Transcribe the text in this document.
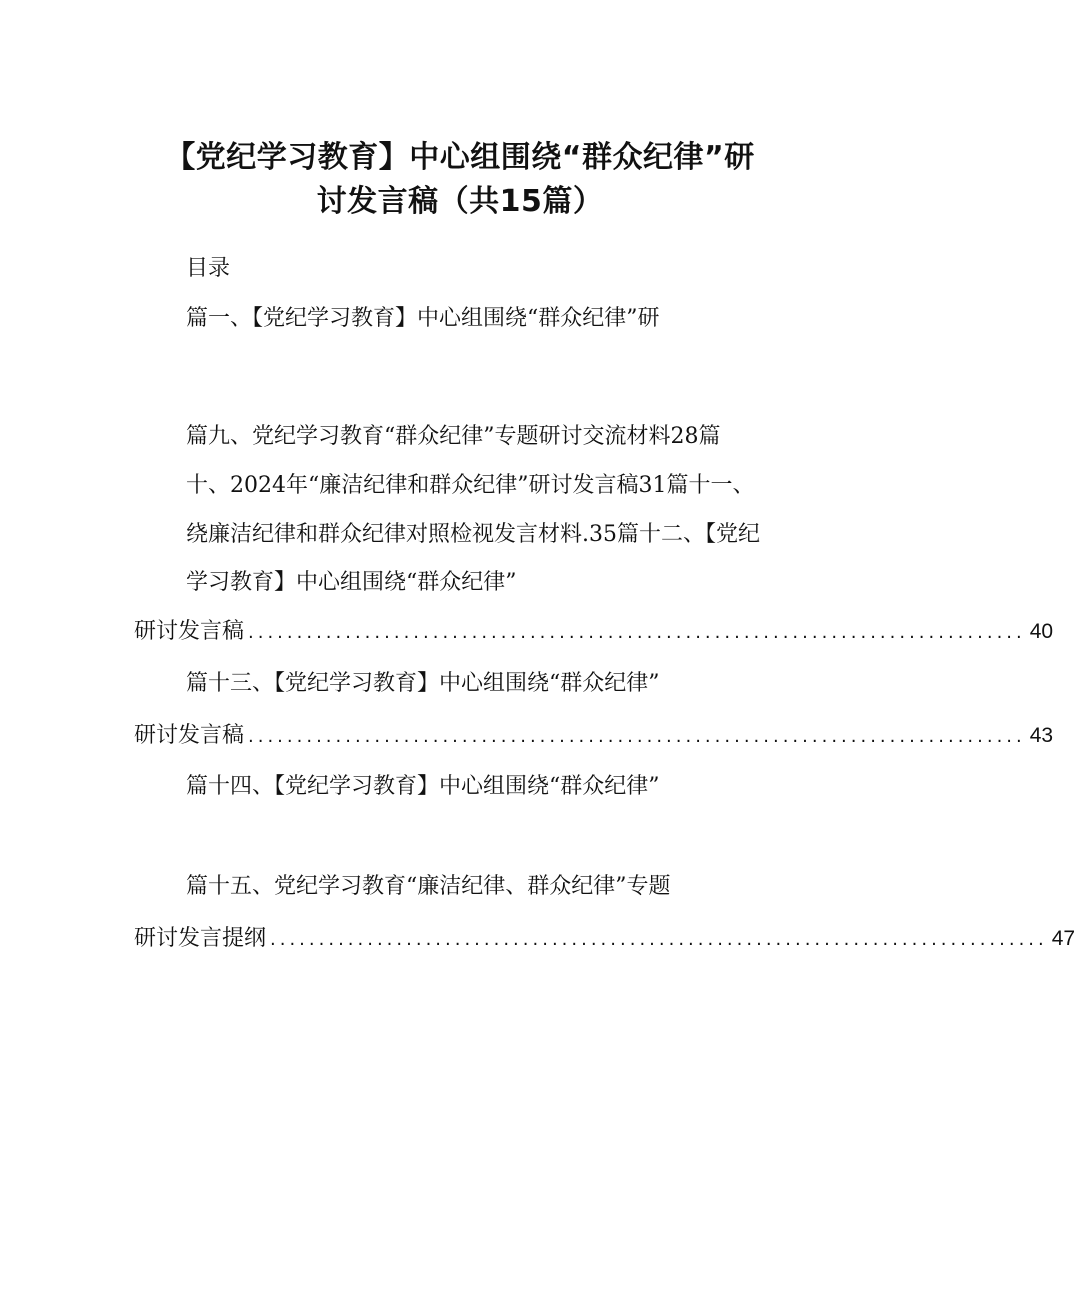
【党纪学习教育】中心组围绕“群众纪律”研
讨发言稿（共15篇）
目录
篇一、【党纪学习教育】中心组围绕“群众纪律”研
篇九、党纪学习教育“群众纪律”专题研讨交流材料28篇
十、2024年“廉洁纪律和群众纪律”研讨发言稿31篇十一、
绕廉洁纪律和群众纪律对照检视发言材料.35篇十二、【党纪
学习教育】中心组围绕“群众纪律”
研讨发言稿 ................................................................................ 40
篇十三、【党纪学习教育】中心组围绕“群众纪律”
研讨发言稿 ................................................................................ 43
篇十四、【党纪学习教育】中心组围绕“群众纪律”
篇十五、党纪学习教育“廉洁纪律、群众纪律”专题
研讨发言提纲 ................................................................................ 47
